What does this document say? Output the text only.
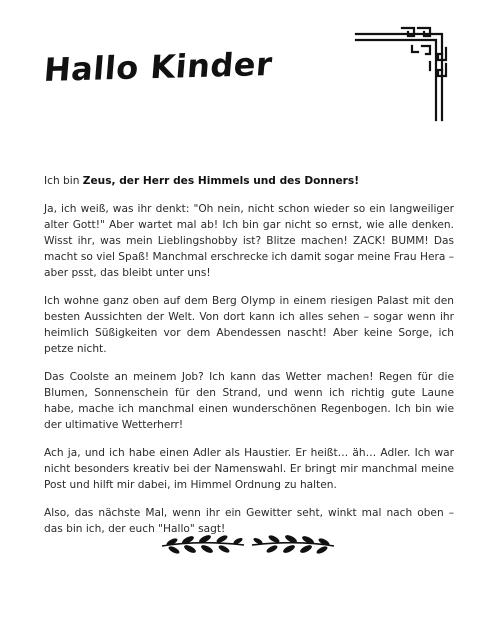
Hallo Kinder

Ich bin Zeus, der Herr des Himmels und des Donners!

Ja, ich weiß, was ihr denkt: "Oh nein, nicht schon wieder so ein langweiliger alter Gott!" Aber wartet mal ab! Ich bin gar nicht so ernst, wie alle denken. Wisst ihr, was mein Lieblingshobby ist? Blitze machen! ZACK! BUMM! Das macht so viel Spaß! Manchmal erschrecke ich damit sogar meine Frau Hera – aber psst, das bleibt unter uns!

Ich wohne ganz oben auf dem Berg Olymp in einem riesigen Palast mit den besten Aussichten der Welt. Von dort kann ich alles sehen – sogar wenn ihr heimlich Süßigkeiten vor dem Abendessen nascht! Aber keine Sorge, ich petze nicht.

Das Coolste an meinem Job? Ich kann das Wetter machen! Regen für die Blumen, Sonnenschein für den Strand, und wenn ich richtig gute Laune habe, mache ich manchmal einen wunderschönen Regenbogen. Ich bin wie der ultimative Wetterherr!

Ach ja, und ich habe einen Adler als Haustier. Er heißt… äh… Adler. Ich war nicht besonders kreativ bei der Namenswahl. Er bringt mir manchmal meine Post und hilft mir dabei, im Himmel Ordnung zu halten.

Also, das nächste Mal, wenn ihr ein Gewitter seht, winkt mal nach oben – das bin ich, der euch "Hallo" sagt!
